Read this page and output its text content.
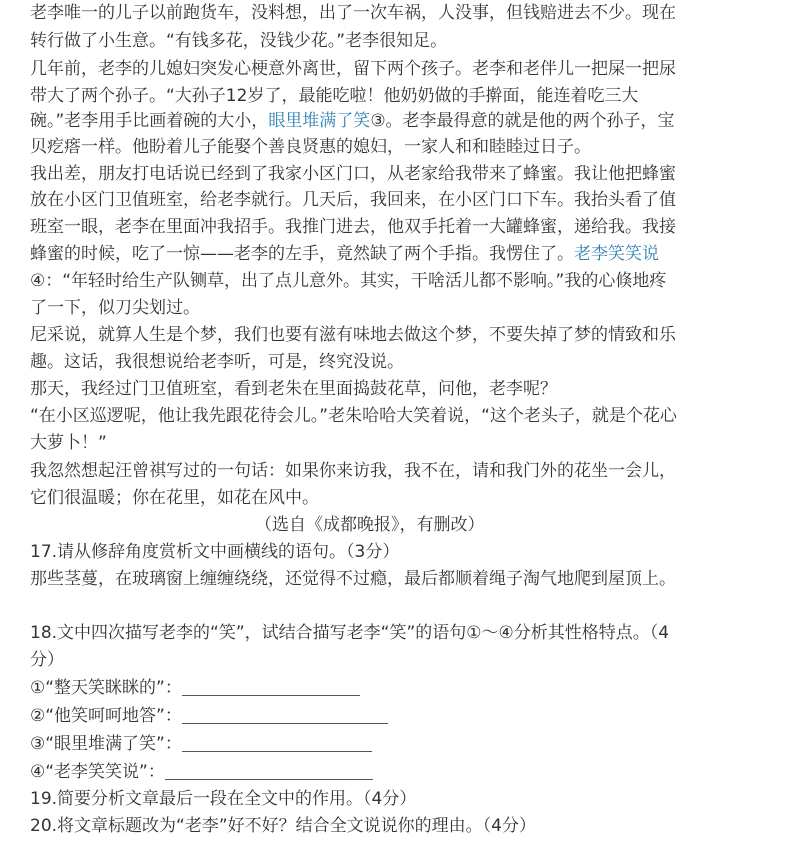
老李唯一的儿子以前跑货车，没料想，出了一次车祸，人没事，但钱赔进去不少。现在
转行做了小生意。“有钱多花，没钱少花。”老李很知足。
几年前，老李的儿媳妇突发心梗意外离世，留下两个孩子。老李和老伴儿一把屎一把尿
带大了两个孙子。“大孙子12岁了，最能吃啦！他奶奶做的手擀面，能连着吃三大
碗。”老李用手比画着碗的大小，眼里堆满了笑③。老李最得意的就是他的两个孙子，宝
贝疙瘩一样。他盼着儿子能娶个善良贤惠的媳妇，一家人和和睦睦过日子。
我出差，朋友打电话说已经到了我家小区门口，从老家给我带来了蜂蜜。我让他把蜂蜜
放在小区门卫值班室，给老李就行。几天后，我回来，在小区门口下车。我抬头看了值
班室一眼，老李在里面冲我招手。我推门进去，他双手托着一大罐蜂蜜，递给我。我接
蜂蜜的时候，吃了一惊——老李的左手，竟然缺了两个手指。我愣住了。老李笑笑说
④：“年轻时给生产队铡草，出了点儿意外。其实，干啥活儿都不影响。”我的心倏地疼
了一下，似刀尖划过。
尼采说，就算人生是个梦，我们也要有滋有味地去做这个梦，不要失掉了梦的情致和乐
趣。这话，我很想说给老李听，可是，终究没说。
那天，我经过门卫值班室，看到老朱在里面捣鼓花草，问他，老李呢？
“在小区巡逻呢，他让我先跟花待会儿。”老朱哈哈大笑着说，“这个老头子，就是个花心
大萝卜！”
我忽然想起汪曾祺写过的一句话：如果你来访我，我不在，请和我门外的花坐一会儿，
它们很温暖；你在花里，如花在风中。
（选自《成都晚报》，有删改）
17.请从修辞角度赏析文中画横线的语句。（3分）
那些茎蔓，在玻璃窗上缠缠绕绕，还觉得不过瘾，最后都顺着绳子淘气地爬到屋顶上。
18.文中四次描写老李的“笑”，试结合描写老李“笑”的语句①～④分析其性格特点。（4
分）
①“整天笑眯眯的”：
②“他笑呵呵地答”：
③“眼里堆满了笑”：
④“老李笑笑说”：
19.简要分析文章最后一段在全文中的作用。（4分）
20.将文章标题改为“老李”好不好？结合全文说说你的理由。（4分）
